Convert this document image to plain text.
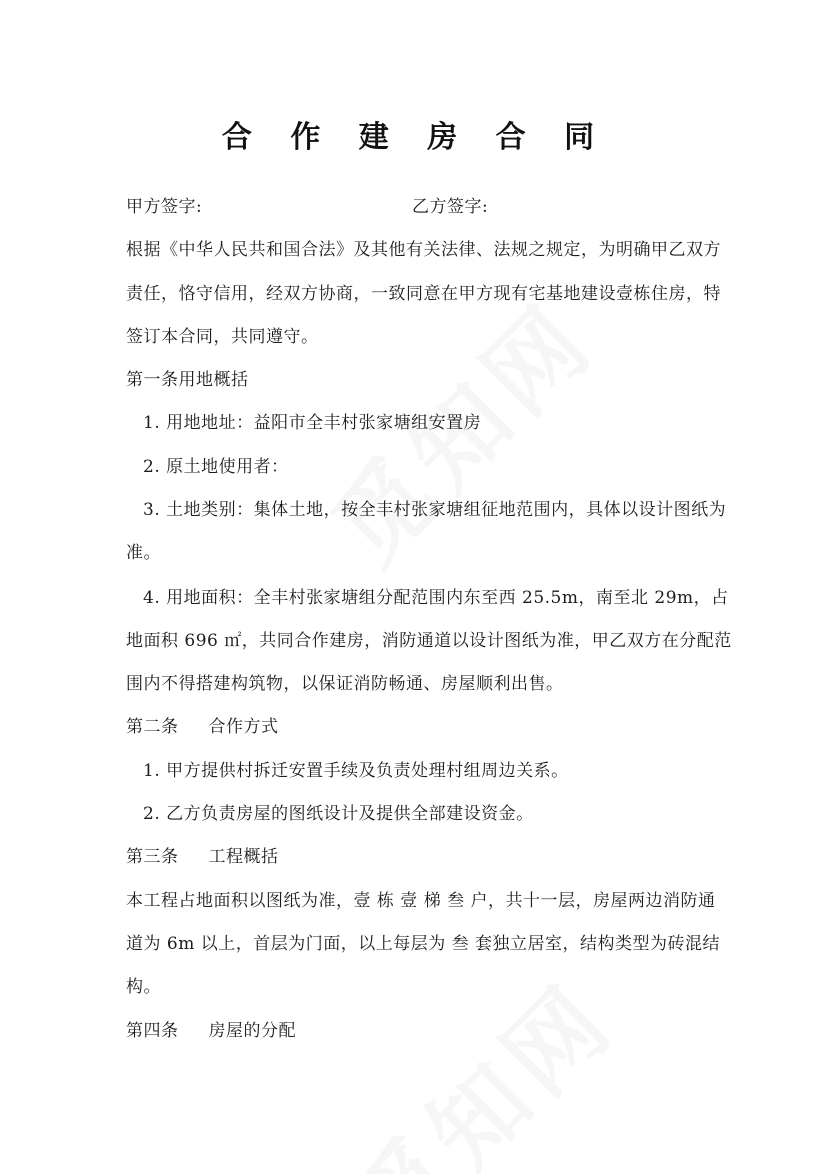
合 作 建 房 合 同
甲方签字:	乙方签字:
根据《中华人民共和国合法》及其他有关法律、法规之规定，为明确甲乙双方
责任，恪守信用，经双方协商，一致同意在甲方现有宅基地建设壹栋住房，特
签订本合同，共同遵守。
第一条用地概括
1. 用地地址：益阳市全丰村张家塘组安置房
2. 原土地使用者：
3. 土地类别：集体土地，按全丰村张家塘组征地范围内，具体以设计图纸为
准。
4. 用地面积：全丰村张家塘组分配范围内东至西 25.5m，南至北 29m，占
地面积 696 ㎡，共同合作建房，消防通道以设计图纸为准，甲乙双方在分配范
围内不得搭建构筑物，以保证消防畅通、房屋顺利出售。
第二条 合作方式
1. 甲方提供村拆迁安置手续及负责处理村组周边关系。
2. 乙方负责房屋的图纸设计及提供全部建设资金。
第三条 工程概括
本工程占地面积以图纸为准，壹 栋 壹 梯 叁 户，共十一层，房屋两边消防通
道为 6m 以上，首层为门面，以上每层为 叁 套独立居室，结构类型为砖混结
构。
第四条 房屋的分配
